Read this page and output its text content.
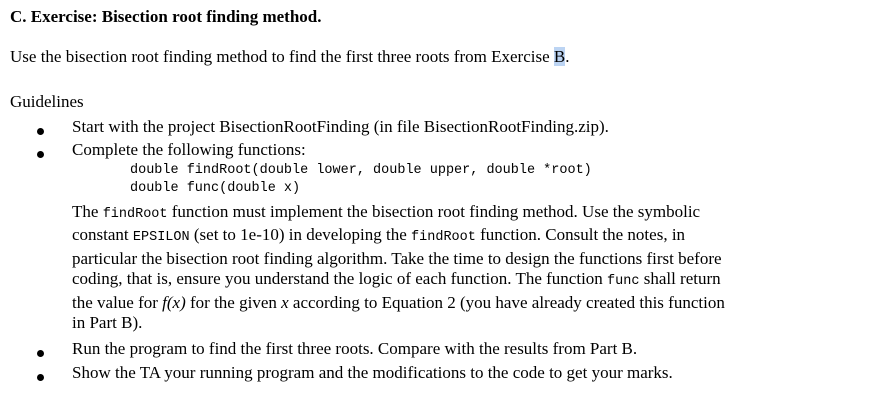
C. Exercise: Bisection root finding method.
Use the bisection root finding method to find the first three roots from Exercise B.
Guidelines
Start with the project BisectionRootFinding (in file BisectionRootFinding.zip).
Complete the following functions:
double findRoot(double lower, double upper, double *root)
double func(double x)
The findRoot function must implement the bisection root finding method. Use the symbolic
constant EPSILON (set to 1e-10) in developing the findRoot function. Consult the notes, in
particular the bisection root finding algorithm. Take the time to design the functions first before
coding, that is, ensure you understand the logic of each function. The function func shall return
the value for f(x) for the given x according to Equation 2 (you have already created this function
in Part B).
Run the program to find the first three roots. Compare with the results from Part B.
Show the TA your running program and the modifications to the code to get your marks.
